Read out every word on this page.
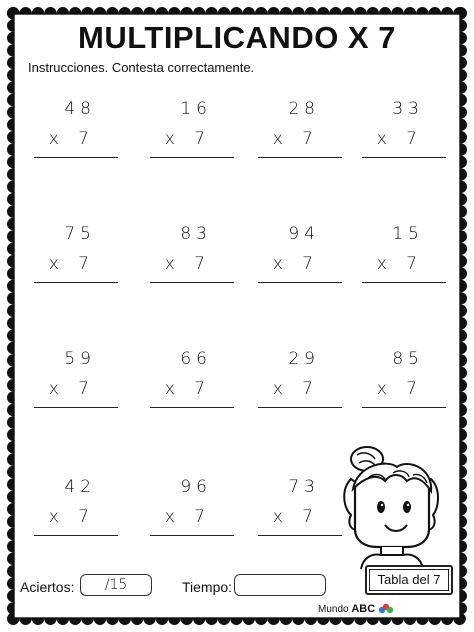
MULTIPLICANDO X 7
Instrucciones. Contesta correctamente.
48
x 7
16
x 7
28
x 7
33
x 7
75
x 7
83
x 7
94
x 7
15
x 7
59
x 7
66
x 7
29
x 7
85
x 7
42
x 7
96
x 7
73
x 7
Aciertos:	/15	Tiempo:	Tabla del 7
Mundo ABC
